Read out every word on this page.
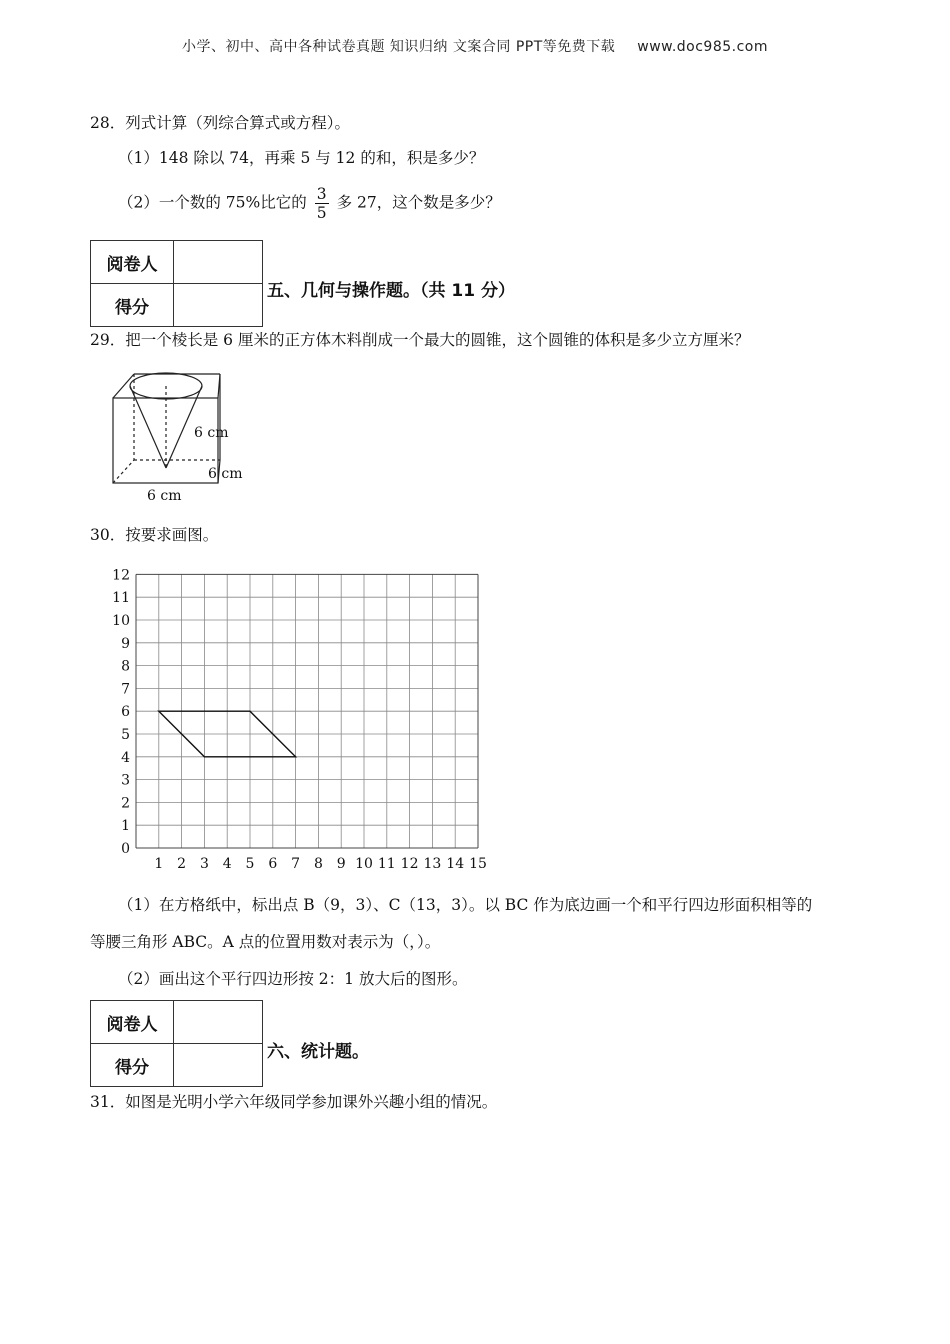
小学、初中、高中各种试卷真题 知识归纳 文案合同 PPT等免费下载 www.doc985.com
28．列式计算（列综合算式或方程）。
（1）148 除以 74，再乘 5 与 12 的和，积是多少？
（2）一个数的 75%比它的 $\frac{3}{5}$ 多 27，这个数是多少？
阅卷人	
得分	
五、几何与操作题。（共 11 分）
29．把一个棱长是 6 厘米的正方体木料削成一个最大的圆锥，这个圆锥的体积是多少立方厘米？
6 cm
6 cm
6 cm
30．按要求画图。
1 2 3 4 5 6 7 8 9 10 11 12 13 14 15
0
1
2
3
4
5
6
7
8
9
10
11
12
（1）在方格纸中，标出点 B（9，3）、C（13，3）。以 BC 作为底边画一个和平行四边形面积相等的
等腰三角形 ABC。A 点的位置用数对表示为（，）。
（2）画出这个平行四边形按 2：1 放大后的图形。
阅卷人	
得分	
六、统计题。
31．如图是光明小学六年级同学参加课外兴趣小组的情况。
